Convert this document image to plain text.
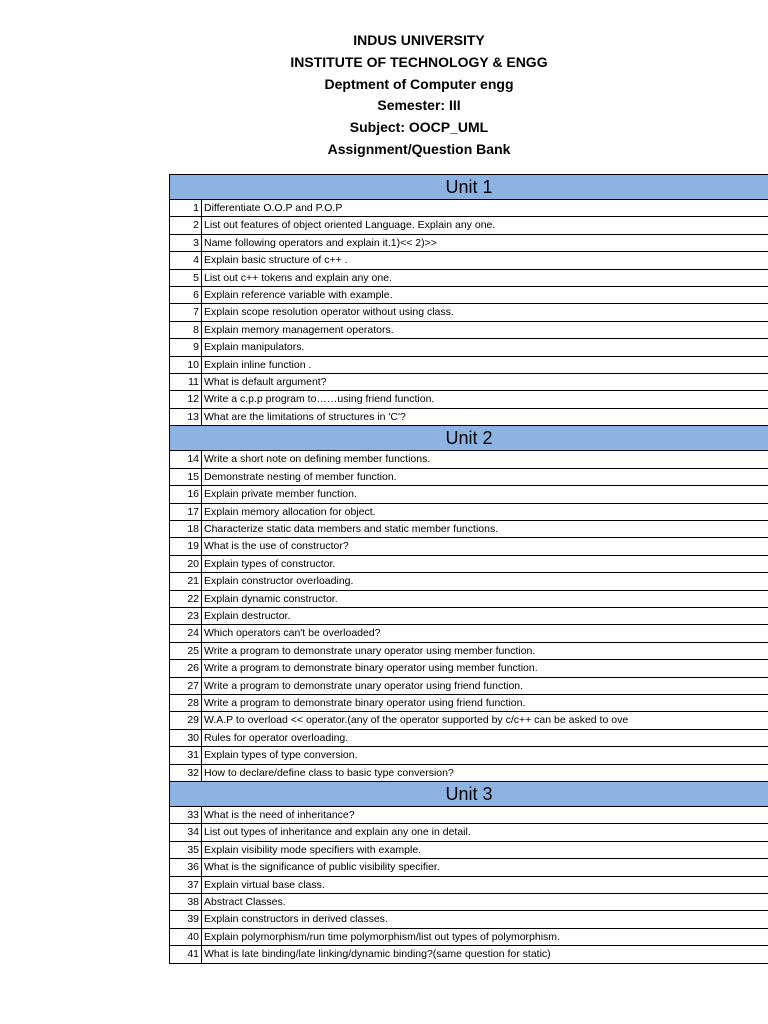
INDUS UNIVERSITY
INSTITUTE OF TECHNOLOGY & ENGG
Deptment of Computer engg
Semester: III
Subject: OOCP_UML
Assignment/Question Bank
Unit 1	
1	Differentiate O.O.P and P.O.P
2	List out features of object oriented Language. Explain any one.
3	Name following operators and explain it.1)<< 2)>>
4	Explain basic structure of c++ .
5	List out c++ tokens and explain any one.
6	Explain reference variable with example.
7	Explain scope resolution operator without using class.
8	Explain memory management operators.
9	Explain manipulators.
10	Explain inline function .
11	What is default argument?
12	Write a c.p.p program to……using friend function.
13	What are the limitations of structures in 'C'?
Unit 2	
14	Write a short note on defining member functions.
15	Demonstrate nesting of member function.
16	Explain private member function.
17	Explain memory allocation for object.
18	Characterize static data members and static member functions.
19	What is the use of constructor?
20	Explain types of constructor.
21	Explain constructor overloading.
22	Explain dynamic constructor.
23	Explain destructor.
24	Which operators can't be overloaded?
25	Write a program to demonstrate unary operator using member function.
26	Write a program to demonstrate binary operator using member function.
27	Write a program to demonstrate unary operator using friend function.
28	Write a program to demonstrate binary operator using friend function.
29	W.A.P to overload << operator.(any of the operator supported by c/c++ can be asked to ove
30	Rules for operator overloading.
31	Explain types of type conversion.
32	How to declare/define class to basic type conversion?
Unit 3	
33	What is the need of inheritance?
34	List out types of inheritance and explain any one in detail.
35	Explain visibility mode specifiers with example.
36	What is the significance of public visibility specifier.
37	Explain virtual base class.
38	Abstract Classes.
39	Explain constructors in derived classes.
40	Explain polymorphism/run time polymorphism/list out types of polymorphism.
41	What is late binding/late linking/dynamic binding?(same question for static)
